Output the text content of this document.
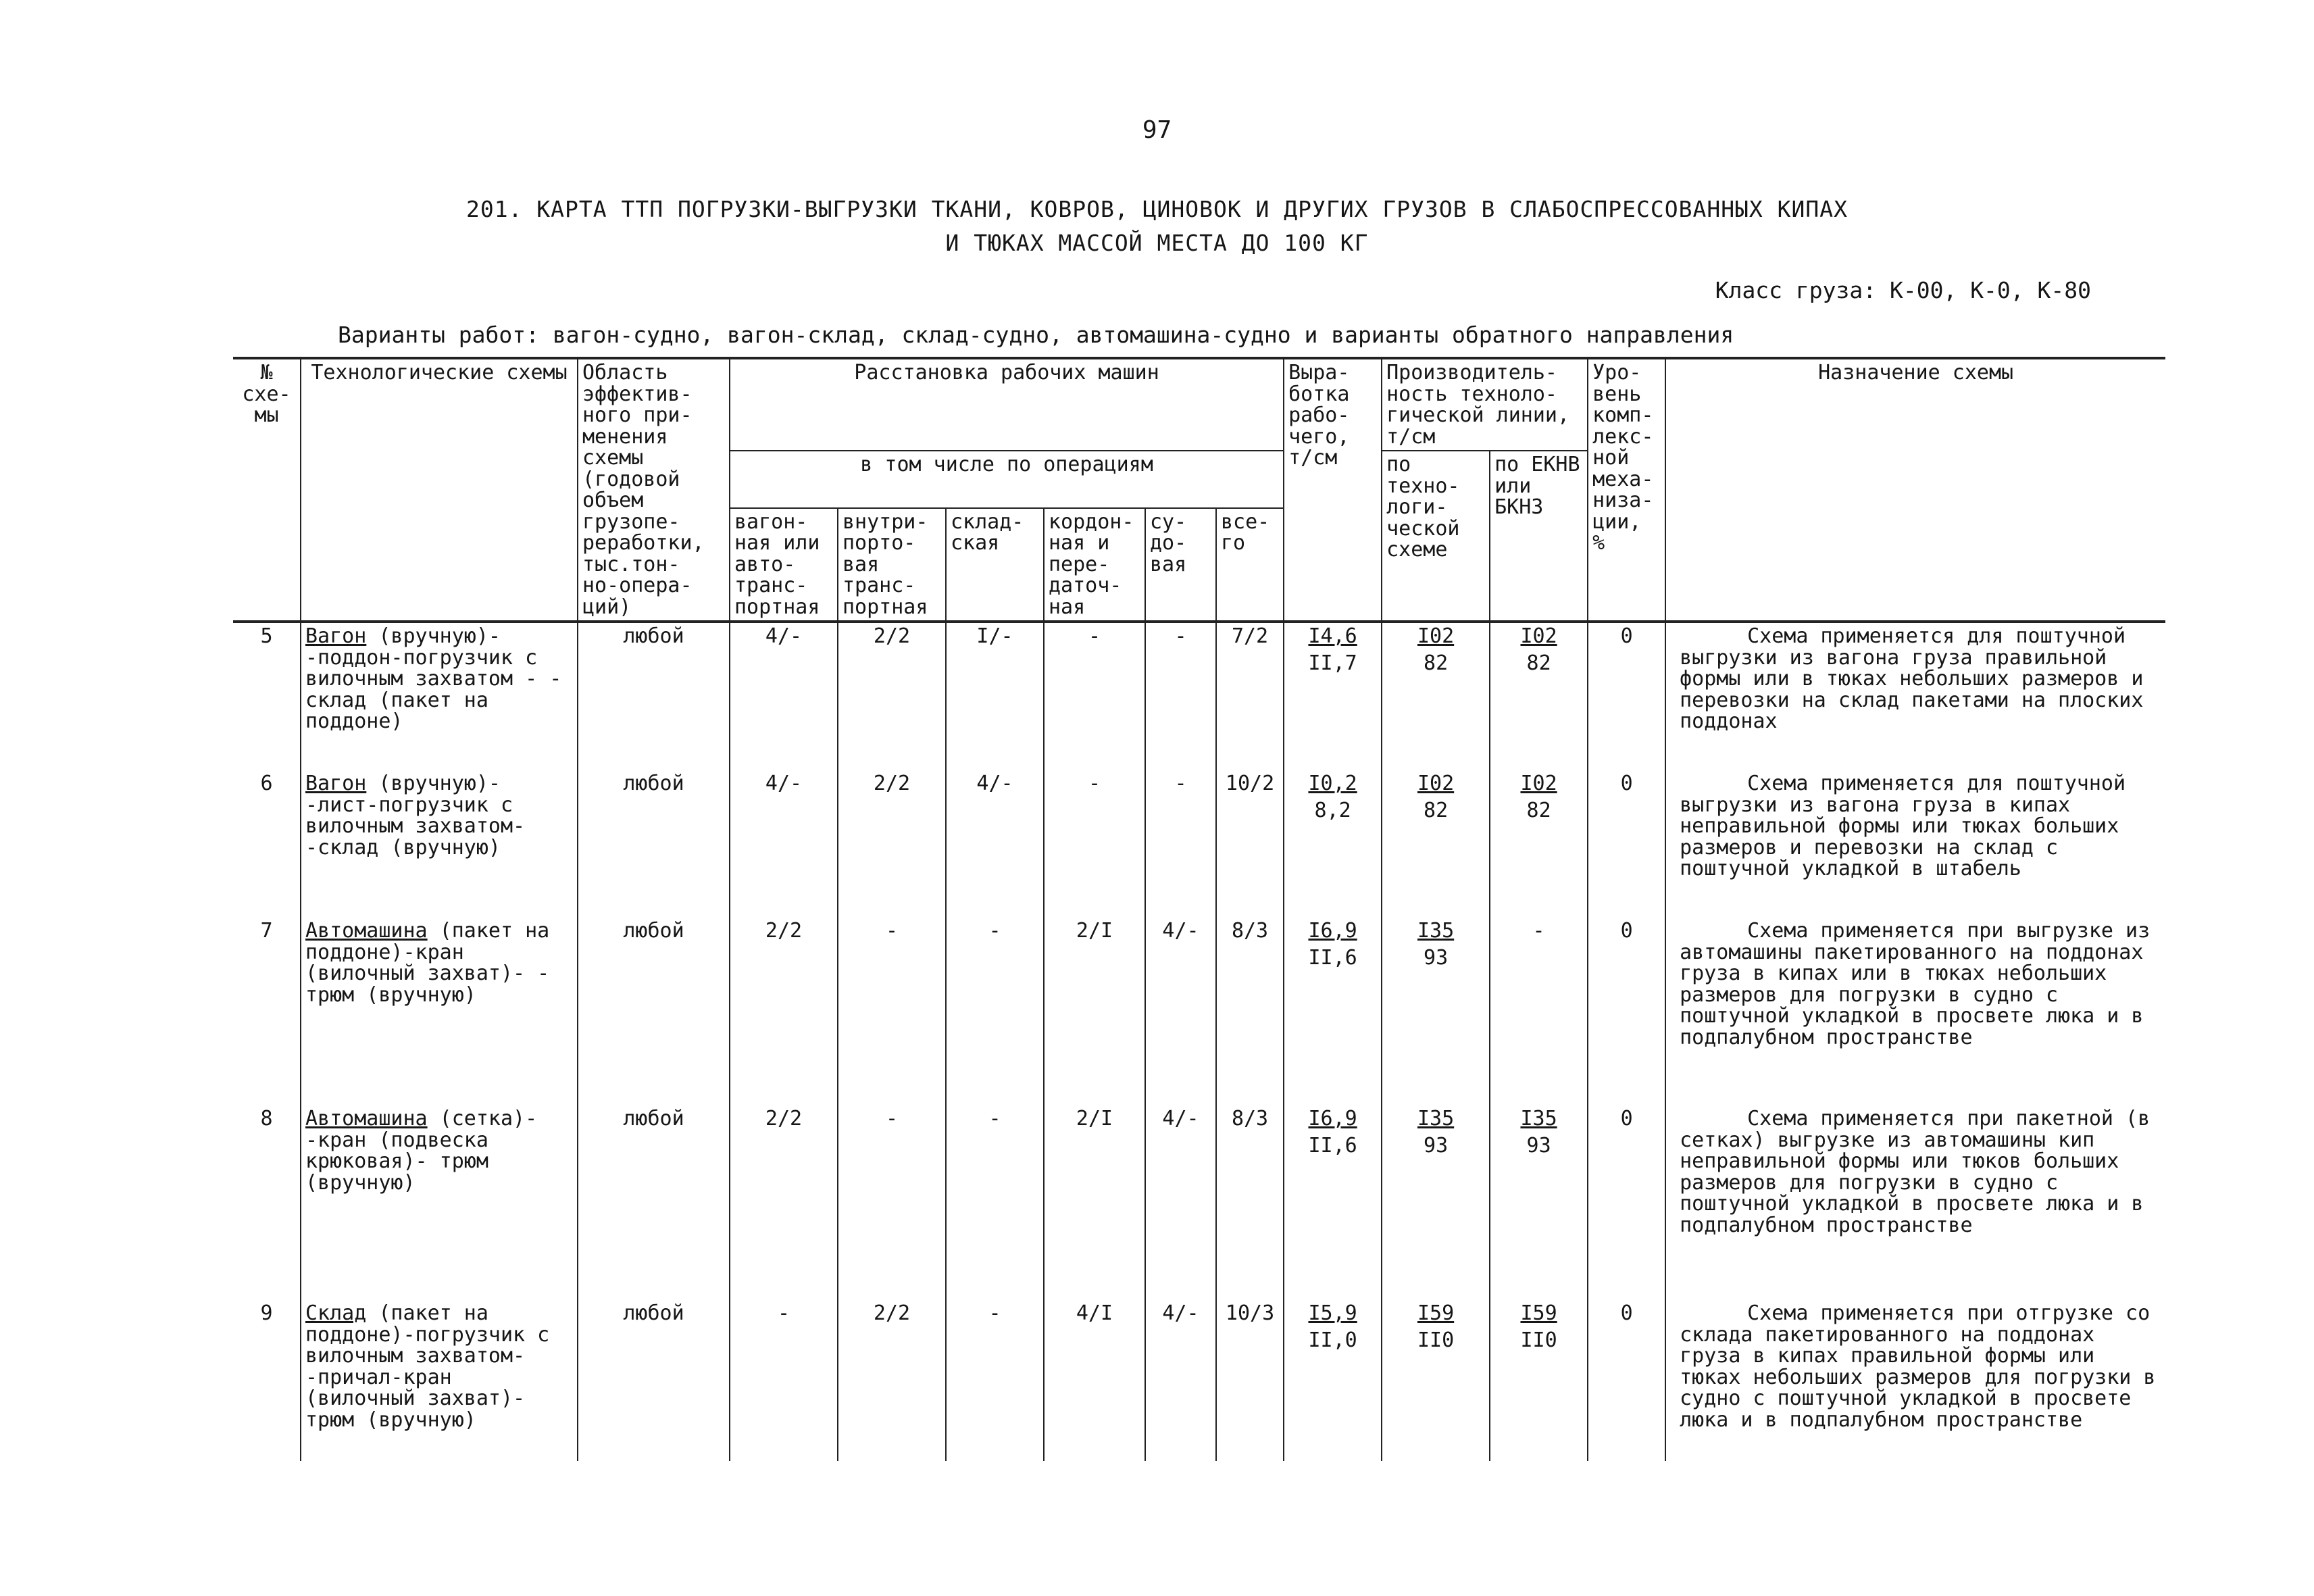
97
201. КАРТА ТТП ПОГРУЗКИ-ВЫГРУЗКИ ТКАНИ, КОВРОВ, ЦИНОВОК И ДРУГИХ ГРУЗОВ В СЛАБОСПРЕССОВАННЫХ КИПАХ
И ТЮКАХ МАССОЙ МЕСТА ДО 100 КГ
Класс груза: К-00, К-0, К-80
Варианты работ: вагон-судно, вагон-склад, склад-судно, автомашина-судно и варианты обратного направления
№ схе- мы	Технологические схемы	Область эффектив- ного при- менения схемы (годовой объем грузопе- реработки, тыс.тон- но-опера- ций)	Расстановка рабочих машин						Выра- ботка рабо- чего, т/см	Производитель- ность техноло- гической линии, т/см		Уро- вень комп- лекс- ной меха- низа- ции, %	Назначение схемы
			в том числе по операциям							по техно- логи- ческой схеме	по ЕКНВ или БКНЗ		
			вагон- ная или авто- транс- портная	внутри- порто- вая транс- портная	склад- ская	кордон- ная и пере- даточ- ная	су- до- вая	все- го					
5	Вагон (вручную)- -поддон-погрузчик с вилочным захватом - - склад (пакет на поддоне)	любой	4/-	2/2	I/-	-	-	7/2	$\frac{I4,6}{II,7}$	$\frac{I02}{82}$	$\frac{I02}{82}$	0	Схема применяется для поштучной выгрузки из вагона груза правильной формы или в тюках небольших размеров и перевозки на склад пакетами на плоских поддонах
6	Вагон (вручную)- -лист-погрузчик с вилочным захватом- -склад (вручную)	любой	4/-	2/2	4/-	-	-	10/2	$\frac{I0,2}{8,2}$	$\frac{I02}{82}$	$\frac{I02}{82}$	0	Схема применяется для поштучной выгрузки из вагона груза в кипах неправильной формы или тюках больших размеров и перевозки на склад с поштучной укладкой в штабель
7	Автомашина (пакет на поддоне)-кран (вилочный захват)- - трюм (вручную)	любой	2/2	-	-	2/I	4/-	8/3	$\frac{I6,9}{II,6}$	$\frac{I35}{93}$	-	0	Схема применяется при выгрузке из автомашины пакетированного на поддонах груза в кипах или в тюках небольших размеров для погрузки в судно с поштучной укладкой в просвете люка и в подпалубном пространстве
8	Автомашина (сетка)- -кран (подвеска крюковая)- трюм (вручную)	любой	2/2	-	-	2/I	4/-	8/3	$\frac{I6,9}{II,6}$	$\frac{I35}{93}$	$\frac{I35}{93}$	0	Схема применяется при пакетной (в сетках) выгрузке из автомашины кип неправильной формы или тюков больших размеров для погрузки в судно с поштучной укладкой в просвете люка и в подпалубном пространстве
9	Склад (пакет на поддоне)-погрузчик с вилочным захватом- -причал-кран (вилочный захват)-трюм (вручную)	любой	-	2/2	-	4/I	4/-	10/3	$\frac{I5,9}{II,0}$	$\frac{I59}{II0}$	$\frac{I59}{II0}$	0	Схема применяется при отгрузке со склада пакетированного на поддонах груза в кипах правильной формы или тюках небольших размеров для погрузки в судно с поштучной укладкой в просвете люка и в подпалубном пространстве
